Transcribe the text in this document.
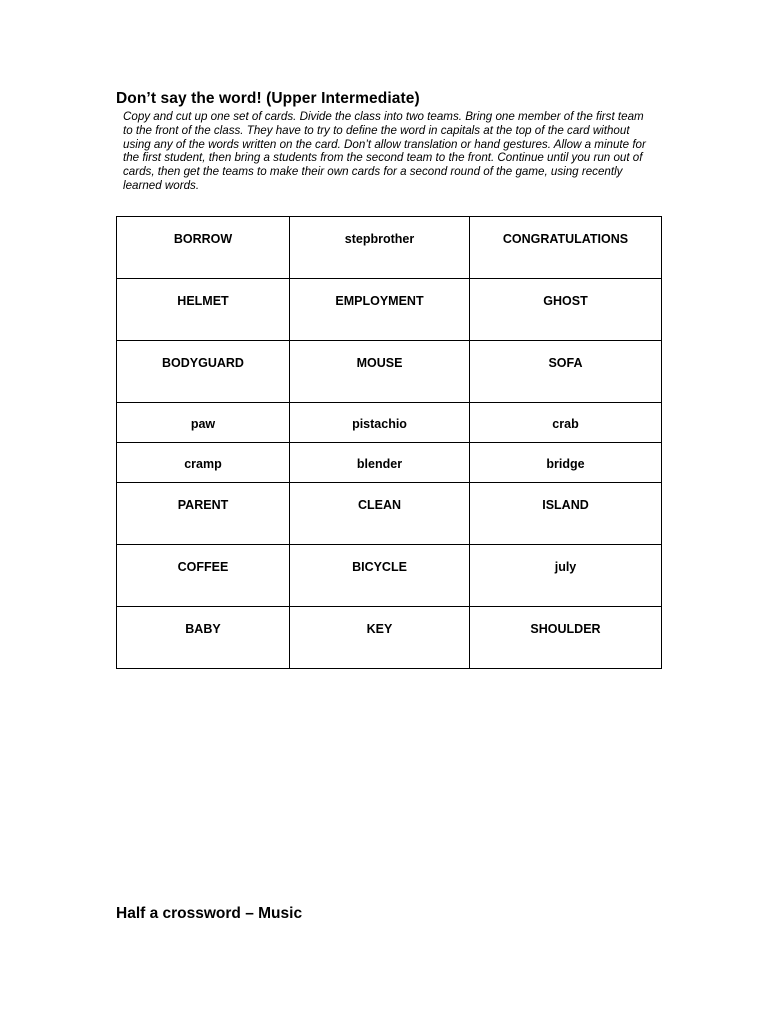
Don’t say the word! (Upper Intermediate)

Copy and cut up one set of cards. Divide the class into two teams. Bring one member of the first team to the front of the class. They have to try to define the word in capitals at the top of the card without using any of the words written on the card. Don’t allow translation or hand gestures. Allow a minute for the first student, then bring a students from the second team to the front. Continue until you run out of cards, then get the teams to make their own cards for a second round of the game, using recently learned words.

BORROW	stepbrother	CONGRATULATIONS
HELMET	EMPLOYMENT	GHOST
BODYGUARD	MOUSE	SOFA
paw	pistachio	crab
cramp	blender	bridge
PARENT	CLEAN	ISLAND
COFFEE	BICYCLE	july
BABY	KEY	SHOULDER
Half a crossword – Music
